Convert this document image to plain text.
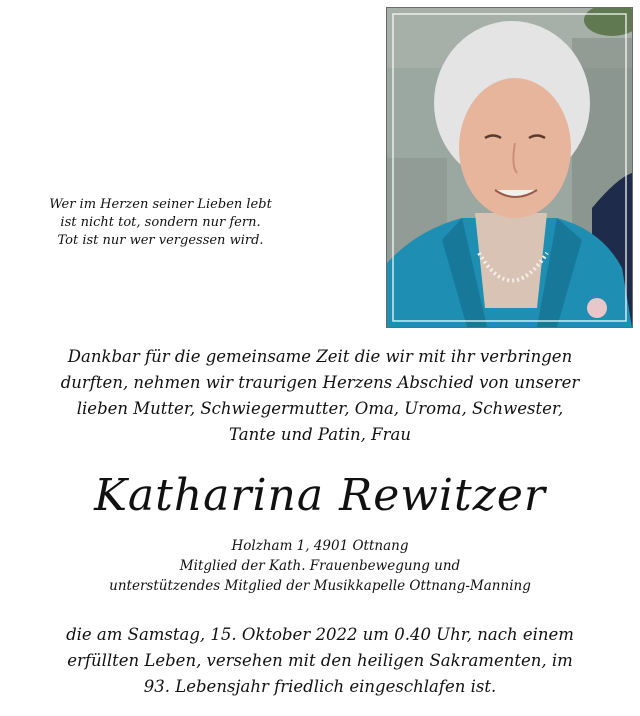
Wer im Herzen seiner Lieben lebt
ist nicht tot, sondern nur fern.
Tot ist nur wer vergessen wird.
Dankbar für die gemeinsame Zeit die wir mit ihr verbringen
durften, nehmen wir traurigen Herzens Abschied von unserer
lieben Mutter, Schwiegermutter, Oma, Uroma, Schwester,
Tante und Patin, Frau
Katharina Rewitzer
Holzham 1, 4901 Ottnang
Mitglied der Kath. Frauenbewegung und
unterstützendes Mitglied der Musikkapelle Ottnang-Manning
die am Samstag, 15. Oktober 2022 um 0.40 Uhr, nach einem
erfüllten Leben, versehen mit den heiligen Sakramenten, im
93. Lebensjahr friedlich eingeschlafen ist.
